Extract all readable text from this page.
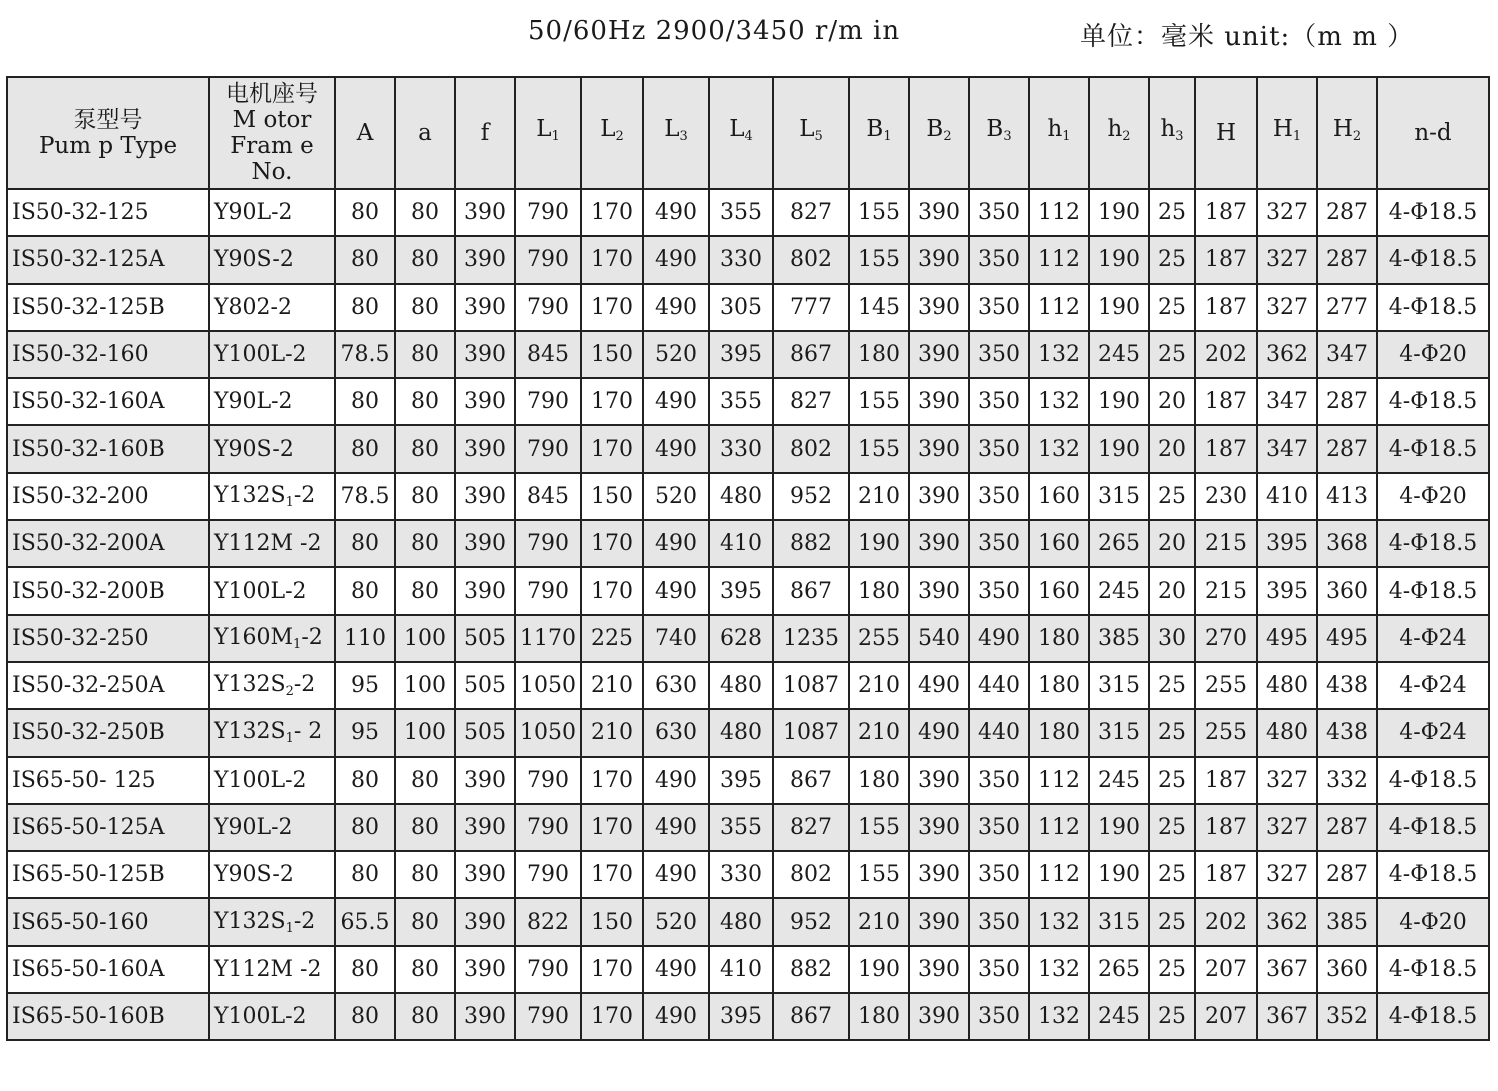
50/60Hz 2900/3450 r/m in	单位：毫米 unit:（m m ）
泵型号
Pum p Type	电机座号
M otor
Fram e
No.	A	a	f	$L_1$	$L_2$	$L_3$	$L_4$	$L_5$	$B_1$	$B_2$	$B_3$	$h_1$	$h_2$	$h_3$	H	$H_1$	$H_2$	n-d
IS50-32-125	Y90L-2	80	80	390	790	170	490	355	827	155	390	350	112	190	25	187	327	287	4-Φ18.5
IS50-32-125A	Y90S-2	80	80	390	790	170	490	330	802	155	390	350	112	190	25	187	327	287	4-Φ18.5
IS50-32-125B	Y802-2	80	80	390	790	170	490	305	777	145	390	350	112	190	25	187	327	277	4-Φ18.5
IS50-32-160	Y100L-2	78.5	80	390	845	150	520	395	867	180	390	350	132	245	25	202	362	347	4-Φ20
IS50-32-160A	Y90L-2	80	80	390	790	170	490	355	827	155	390	350	132	190	20	187	347	287	4-Φ18.5
IS50-32-160B	Y90S-2	80	80	390	790	170	490	330	802	155	390	350	132	190	20	187	347	287	4-Φ18.5
IS50-32-200	$Y132S_1-2$	78.5	80	390	845	150	520	480	952	210	390	350	160	315	25	230	410	413	4-Φ20
IS50-32-200A	Y112M -2	80	80	390	790	170	490	410	882	190	390	350	160	265	20	215	395	368	4-Φ18.5
IS50-32-200B	Y100L-2	80	80	390	790	170	490	395	867	180	390	350	160	245	20	215	395	360	4-Φ18.5
IS50-32-250	$Y160M_1-2$	110	100	505	1170	225	740	628	1235	255	540	490	180	385	30	270	495	495	4-Φ24
IS50-32-250A	$Y132S_2-2$	95	100	505	1050	210	630	480	1087	210	490	440	180	315	25	255	480	438	4-Φ24
IS50-32-250B	$Y132S_1-$ 2	95	100	505	1050	210	630	480	1087	210	490	440	180	315	25	255	480	438	4-Φ24
IS65-50- 125	Y100L-2	80	80	390	790	170	490	395	867	180	390	350	112	245	25	187	327	332	4-Φ18.5
IS65-50-125A	Y90L-2	80	80	390	790	170	490	355	827	155	390	350	112	190	25	187	327	287	4-Φ18.5
IS65-50-125B	Y90S-2	80	80	390	790	170	490	330	802	155	390	350	112	190	25	187	327	287	4-Φ18.5
IS65-50-160	$Y132S_1-2$	65.5	80	390	822	150	520	480	952	210	390	350	132	315	25	202	362	385	4-Φ20
IS65-50-160A	Y112M -2	80	80	390	790	170	490	410	882	190	390	350	132	265	25	207	367	360	4-Φ18.5
IS65-50-160B	Y100L-2	80	80	390	790	170	490	395	867	180	390	350	132	245	25	207	367	352	4-Φ18.5
